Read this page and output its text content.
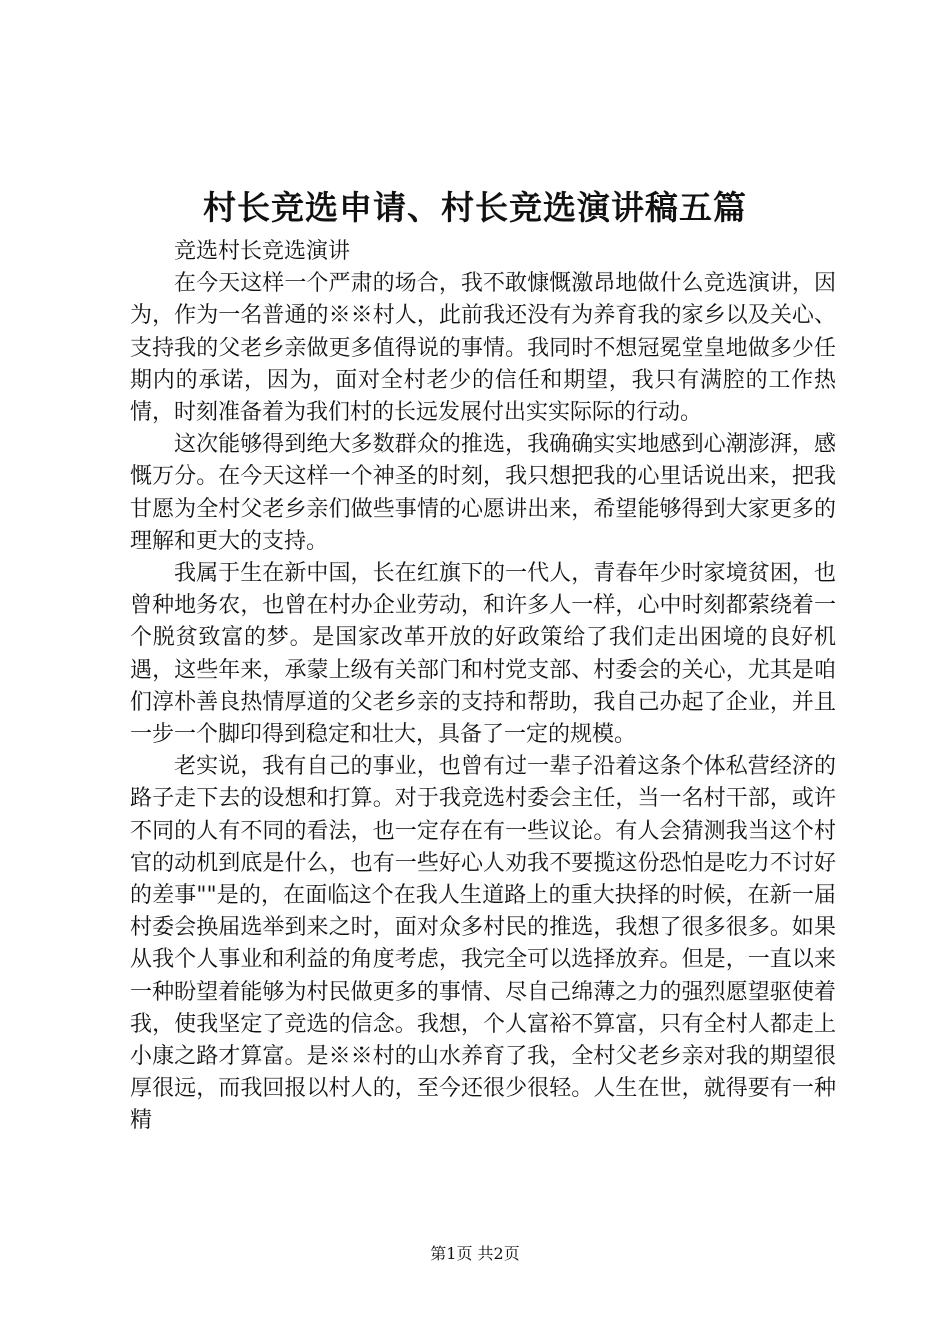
村长竞选申请、村长竞选演讲稿五篇

竞选村长竞选演讲

在今天这样一个严肃的场合，我不敢慷慨激昂地做什么竞选演讲，因为，作为一名普通的※※村人，此前我还没有为养育我的家乡以及关心、支持我的父老乡亲做更多值得说的事情。我同时不想冠冕堂皇地做多少任期内的承诺，因为，面对全村老少的信任和期望，我只有满腔的工作热情，时刻准备着为我们村的长远发展付出实实际际的行动。

这次能够得到绝大多数群众的推选，我确确实实地感到心潮澎湃，感慨万分。在今天这样一个神圣的时刻，我只想把我的心里话说出来，把我甘愿为全村父老乡亲们做些事情的心愿讲出来，希望能够得到大家更多的理解和更大的支持。

我属于生在新中国，长在红旗下的一代人，青春年少时家境贫困，也曾种地务农，也曾在村办企业劳动，和许多人一样，心中时刻都萦绕着一个脱贫致富的梦。是国家改革开放的好政策给了我们走出困境的良好机遇，这些年来，承蒙上级有关部门和村党支部、村委会的关心，尤其是咱们淳朴善良热情厚道的父老乡亲的支持和帮助，我自己办起了企业，并且一步一个脚印得到稳定和壮大，具备了一定的规模。

老实说，我有自己的事业，也曾有过一辈子沿着这条个体私营经济的路子走下去的设想和打算。对于我竞选村委会主任，当一名村干部，或许不同的人有不同的看法，也一定存在有一些议论。有人会猜测我当这个村官的动机到底是什么，也有一些好心人劝我不要揽这份恐怕是吃力不讨好的差事""是的，在面临这个在我人生道路上的重大抉择的时候，在新一届村委会换届选举到来之时，面对众多村民的推选，我想了很多很多。如果从我个人事业和利益的角度考虑，我完全可以选择放弃。但是，一直以来一种盼望着能够为村民做更多的事情、尽自己绵薄之力的强烈愿望驱使着我，使我坚定了竞选的信念。我想，个人富裕不算富，只有全村人都走上小康之路才算富。是※※村的山水养育了我，全村父老乡亲对我的期望很厚很远，而我回报以村人的，至今还很少很轻。人生在世，就得要有一种精

第1页 共2页
